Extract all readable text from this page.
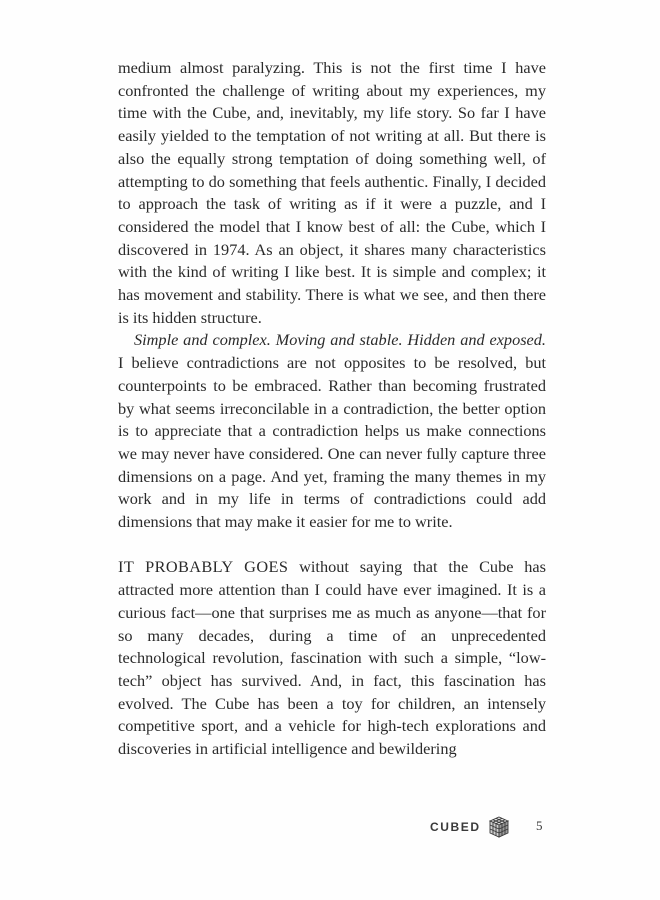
medium almost paralyzing. This is not the first time I have confronted the challenge of writing about my experiences, my time with the Cube, and, inevitably, my life story. So far I have easily yielded to the temptation of not writing at all. But there is also the equally strong temptation of doing something well, of attempting to do something that feels authentic. Finally, I decided to approach the task of writing as if it were a puzzle, and I considered the model that I know best of all: the Cube, which I discovered in 1974. As an object, it shares many characteristics with the kind of writing I like best. It is simple and complex; it has movement and stability. There is what we see, and then there is its hidden structure.

Simple and complex. Moving and stable. Hidden and exposed. I believe contradictions are not opposites to be resolved, but counterpoints to be embraced. Rather than becoming frustrated by what seems irreconcilable in a contradiction, the better option is to appreciate that a contradiction helps us make connections we may never have considered. One can never fully capture three dimensions on a page. And yet, framing the many themes in my work and in my life in terms of contradictions could add dimensions that may make it easier for me to write.

IT PROBABLY GOES without saying that the Cube has attracted more attention than I could have ever imagined. It is a curious fact—one that surprises me as much as anyone—that for so many decades, during a time of an unprecedented technological revolution, fascination with such a simple, “low-tech” object has survived. And, in fact, this fascination has evolved. The Cube has been a toy for children, an intensely competitive sport, and a vehicle for high-tech explorations and discoveries in artificial intelligence and bewildering

CUBED	5
